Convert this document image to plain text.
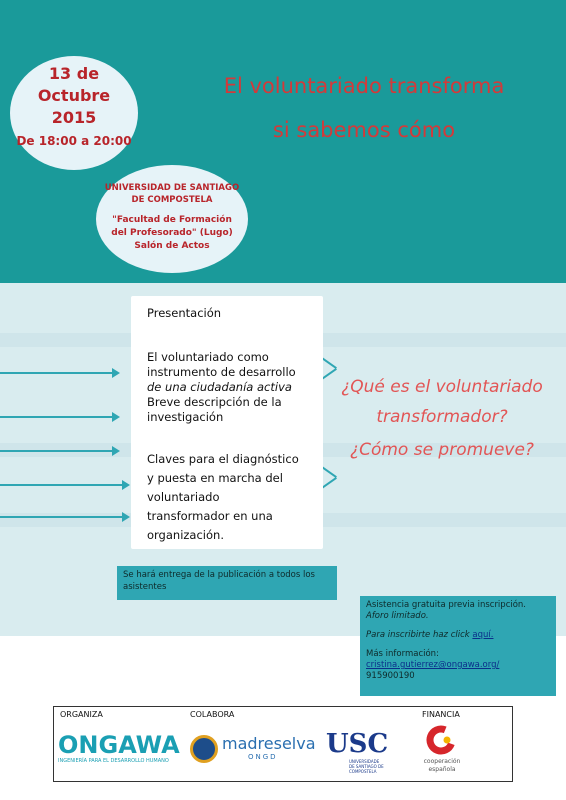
13 de
Octubre
2015
De 18:00 a 20:00
UNIVERSIDAD DE SANTIAGO
DE COMPOSTELA
"Facultad de Formación
del Profesorado" (Lugo)
Salón de Actos
El voluntariado transforma
si sabemos cómo
Presentación
El voluntariado como
instrumento de desarrollo
de una ciudadanía activa
Breve descripción de la
investigación
Claves para el diagnóstico
y puesta en marcha del
voluntariado
transformador en una
organización.
¿Qué es el voluntariado
transformador?
¿Cómo se promueve?
Se hará entrega de la publicación a todos los asistentes
Asistencia gratuita previa inscripción.
Aforo limitado.
Para inscribirte haz click aquí.
Más información:
cristina.gutierrez@ongawa.org/
915900190
ORGANIZA	COLABORA	FINANCIA
ONGAWA
INGENIERÍA PARA EL DESARROLLO HUMANO
madreselva
ONGD USC
UNIVERSIDADE DE SANTIAGO DE COMPOSTELA
cooperación española
